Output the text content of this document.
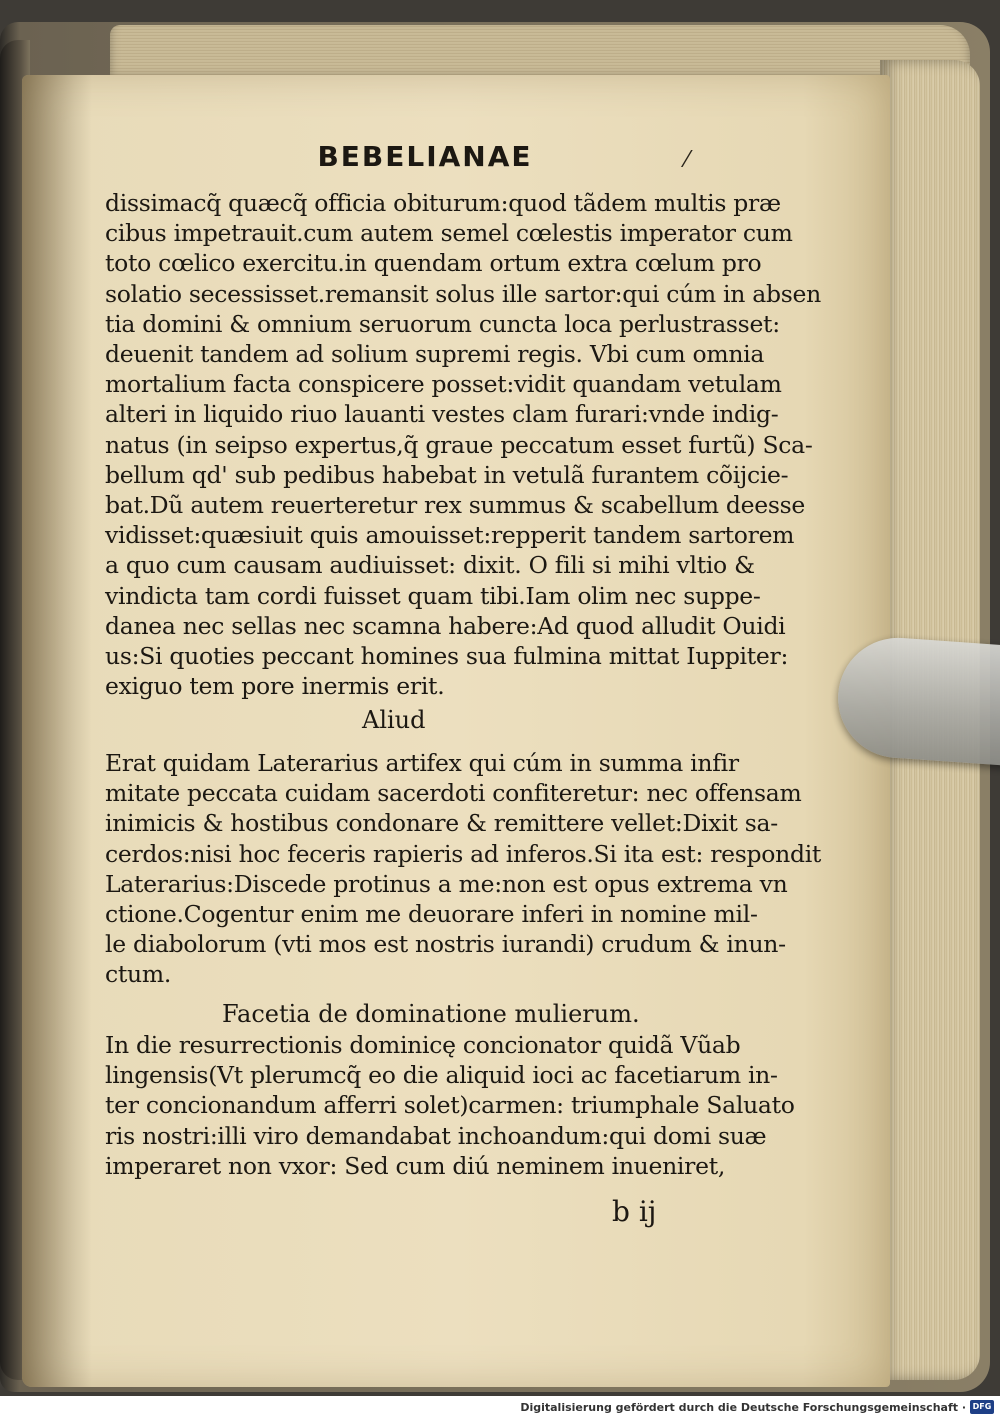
BEBELIANAE	⁄
dissimacq̃ quæcq̃ officia obiturum:quod tãdem multis præ
cibus impetrauit.cum autem semel cœlestis imperator cum
toto cœlico exercitu.in quendam ortum extra cœlum pro
solatio secessisset.remansit solus ille sartor:qui cúm in absen
tia domini & omnium seruorum cuncta loca perlustrasset:
deuenit tandem ad solium supremi regis. Vbi cum omnia
mortalium facta conspicere posset:vidit quandam vetulam
alteri in liquido riuo lauanti vestes clam furari:vnde indig-
natus (in seipso expertus,q̃ graue peccatum esset furtũ) Sca-
bellum qd' sub pedibus habebat in vetulã furantem cõijcie-
bat.Dũ autem reuerteretur rex summus & scabellum deesse
vidisset:quæsiuit quis amouisset:repperit tandem sartorem
a quo cum causam audiuisset: dixit. O fili si mihi vltio &
vindicta tam cordi fuisset quam tibi.Iam olim nec suppe-
danea nec sellas nec scamna habere:Ad quod alludit Ouidi
us:Si quoties peccant homines sua fulmina mittat Iuppiter:
exiguo tem pore inermis erit.
Aliud
Erat quidam Laterarius artifex qui cúm in summa infir
mitate peccata cuidam sacerdoti confiteretur: nec offensam
inimicis & hostibus condonare & remittere vellet:Dixit sa-
cerdos:nisi hoc feceris rapieris ad inferos.Si ita est: respondit
Laterarius:Discede protinus a me:non est opus extrema vn
ctione.Cogentur enim me deuorare inferi in nomine mil-
le diabolorum (vti mos est nostris iurandi) crudum & inun-
ctum.
Facetia de dominatione mulierum.
In die resurrectionis dominicę concionator quidã Vũab
lingensis(Vt plerumcq̃ eo die aliquid ioci ac facetiarum in-
ter concionandum afferri solet)carmen: triumphale Saluato
ris nostri:illi viro demandabat inchoandum:qui domi suæ
imperaret non vxor: Sed cum diú neminem inueniret,
b ij
Digitalisierung gefördert durch die Deutsche Forschungsgemeinschaft · DFG
